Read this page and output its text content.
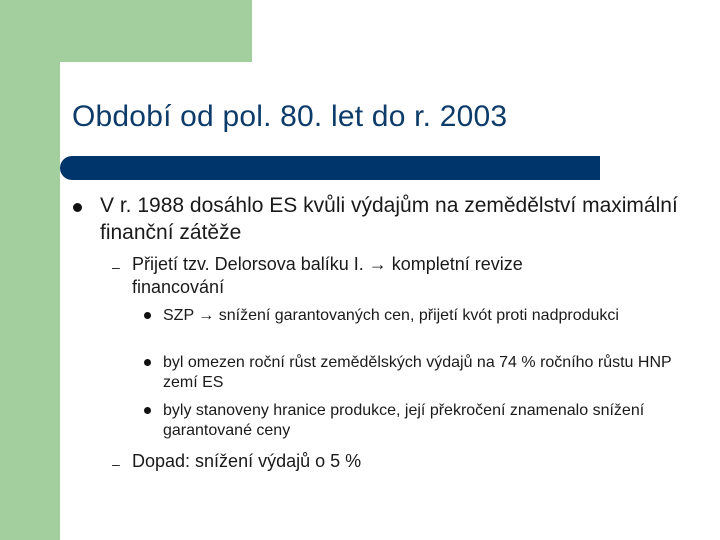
Období od pol. 80. let do r. 2003
V r. 1988 dosáhlo ES kvůli výdajům na zemědělství maximální finanční zátěže
– Přijetí tzv. Delorsova balíku I. → kompletní revize financování
SZP → snížení garantovaných cen, přijetí kvót proti nadprodukci
byl omezen roční růst zemědělských výdajů na 74 % ročního růstu HNP zemí ES
byly stanoveny hranice produkce, její překročení znamenalo snížení garantované ceny
– Dopad: snížení výdajů o 5 %
